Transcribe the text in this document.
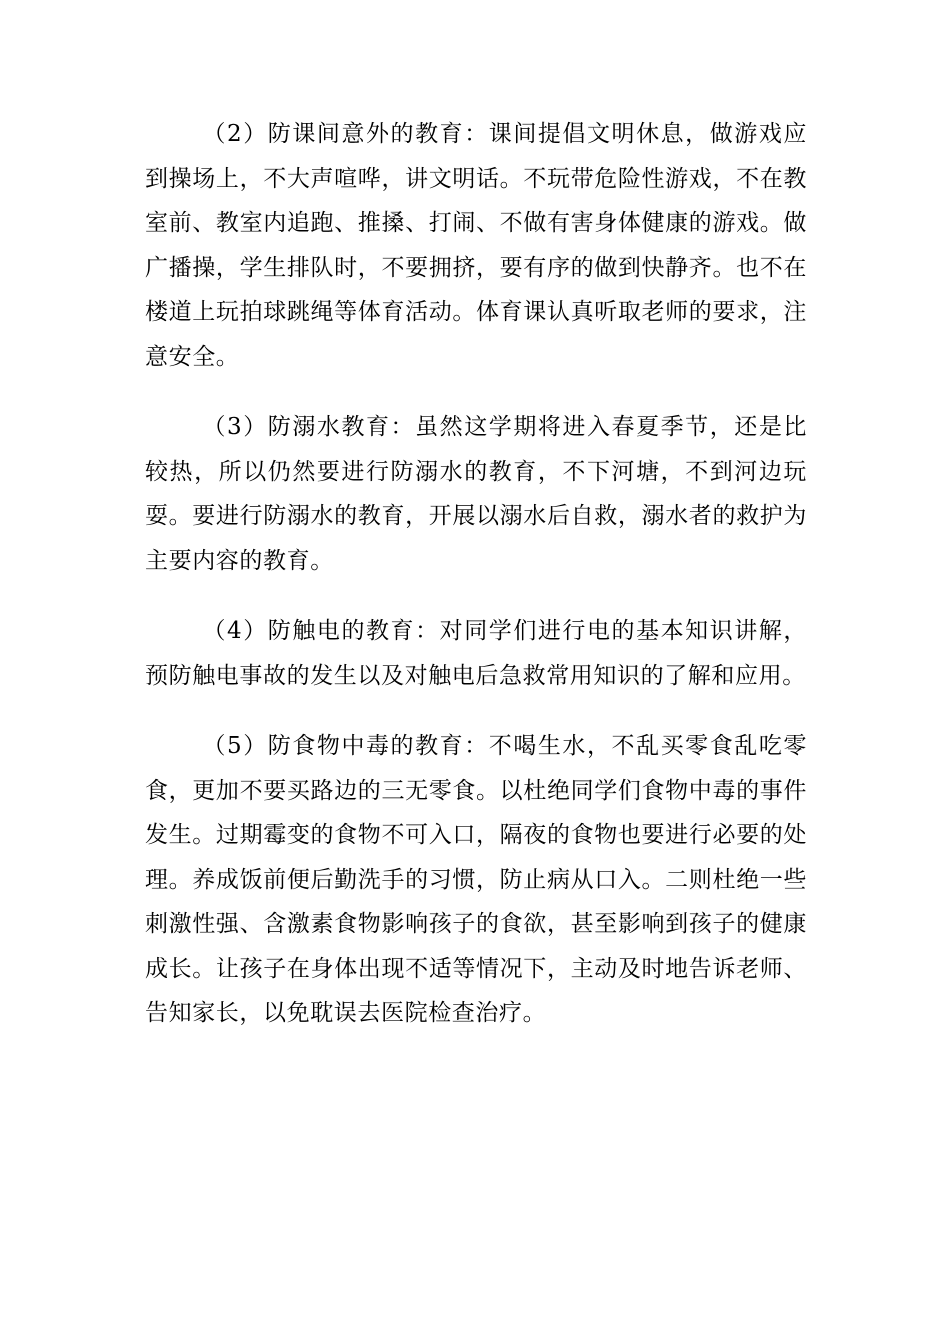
（2）防课间意外的教育：课间提倡文明休息，做游戏应到操场上，不大声喧哗，讲文明话。不玩带危险性游戏，不在教室前、教室内追跑、推搡、打闹、不做有害身体健康的游戏。做广播操，学生排队时，不要拥挤，要有序的做到快静齐。也不在楼道上玩拍球跳绳等体育活动。体育课认真听取老师的要求，注意安全。

（3）防溺水教育：虽然这学期将进入春夏季节，还是比较热，所以仍然要进行防溺水的教育，不下河塘，不到河边玩耍。要进行防溺水的教育，开展以溺水后自救，溺水者的救护为主要内容的教育。

（4）防触电的教育：对同学们进行电的基本知识讲解，预防触电事故的发生以及对触电后急救常用知识的了解和应用。

（5）防食物中毒的教育：不喝生水，不乱买零食乱吃零食，更加不要买路边的三无零食。以杜绝同学们食物中毒的事件发生。过期霉变的食物不可入口，隔夜的食物也要进行必要的处理。养成饭前便后勤洗手的习惯，防止病从口入。二则杜绝一些刺激性强、含激素食物影响孩子的食欲，甚至影响到孩子的健康成长。让孩子在身体出现不适等情况下，主动及时地告诉老师、告知家长，以免耽误去医院检查治疗。
